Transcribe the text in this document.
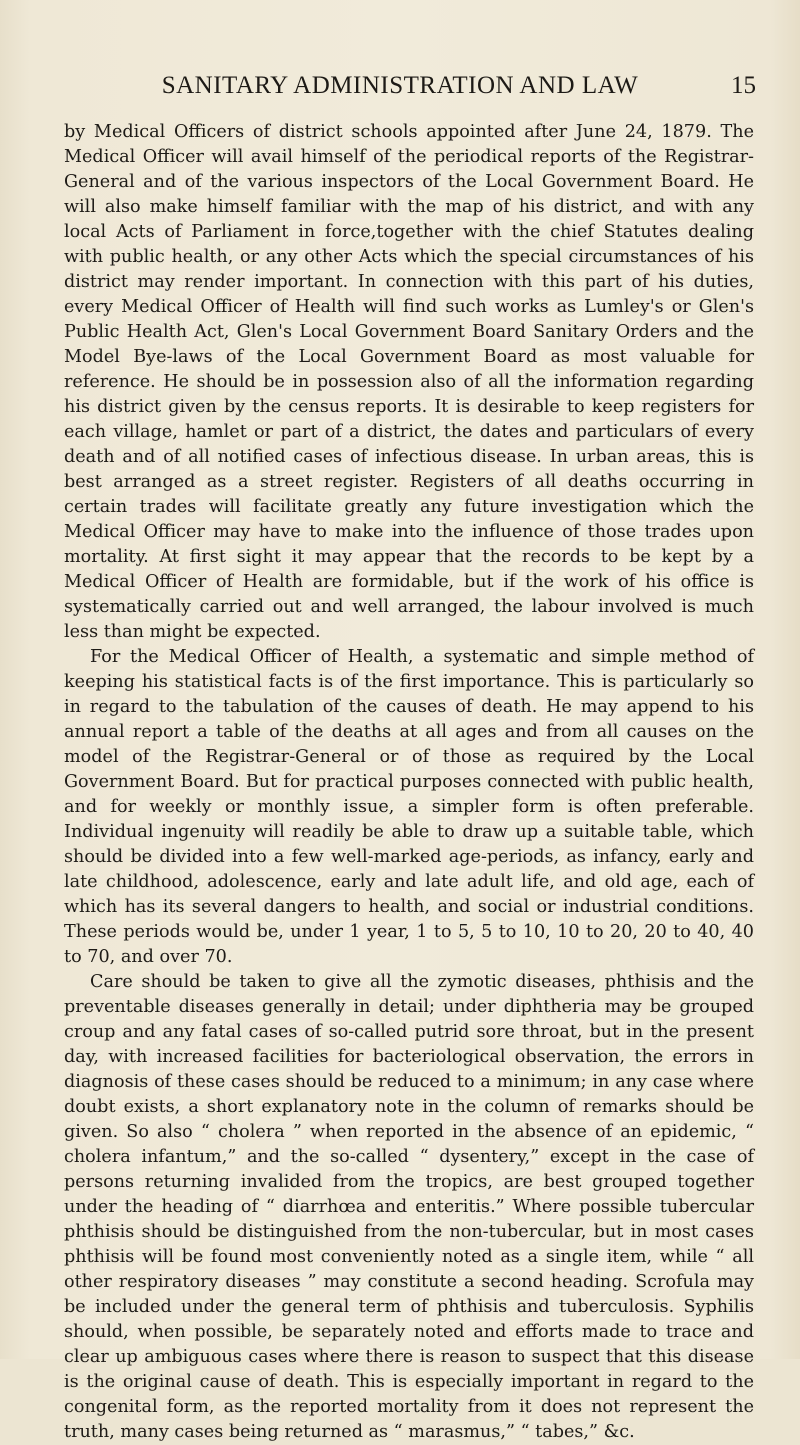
SANITARY ADMINISTRATION AND LAW	15

by Medical Officers of district schools appointed after June 24, 1879. The Medical Officer will avail himself of the periodical reports of the Registrar-General and of the various inspectors of the Local Government Board. He will also make himself familiar with the map of his district, and with any local Acts of Parliament in force,together with the chief Statutes dealing with public health, or any other Acts which the special circumstances of his district may render important. In connection with this part of his duties, every Medical Officer of Health will find such works as Lumley's or Glen's Public Health Act, Glen's Local Government Board Sanitary Orders and the Model Bye-laws of the Local Government Board as most valuable for reference. He should be in possession also of all the information regarding his district given by the census reports. It is desirable to keep registers for each village, hamlet or part of a district, the dates and particulars of every death and of all notified cases of infectious disease. In urban areas, this is best arranged as a street register. Registers of all deaths occurring in certain trades will facilitate greatly any future investigation which the Medical Officer may have to make into the influence of those trades upon mortality. At first sight it may appear that the records to be kept by a Medical Officer of Health are formidable, but if the work of his office is systematically carried out and well arranged, the labour involved is much less than might be expected.

For the Medical Officer of Health, a systematic and simple method of keeping his statistical facts is of the first importance. This is particularly so in regard to the tabulation of the causes of death. He may append to his annual report a table of the deaths at all ages and from all causes on the model of the Registrar-General or of those as required by the Local Government Board. But for practical purposes connected with public health, and for weekly or monthly issue, a simpler form is often preferable. Individual ingenuity will readily be able to draw up a suitable table, which should be divided into a few well-marked age-periods, as infancy, early and late childhood, adolescence, early and late adult life, and old age, each of which has its several dangers to health, and social or industrial conditions. These periods would be, under 1 year, 1 to 5, 5 to 10, 10 to 20, 20 to 40, 40 to 70, and over 70.

Care should be taken to give all the zymotic diseases, phthisis and the preventable diseases generally in detail; under diphtheria may be grouped croup and any fatal cases of so-called putrid sore throat, but in the present day, with increased facilities for bacteriological observation, the errors in diagnosis of these cases should be reduced to a minimum; in any case where doubt exists, a short explanatory note in the column of remarks should be given. So also “ cholera ” when reported in the absence of an epidemic, “ cholera infantum,” and the so-called “ dysentery,” except in the case of persons returning invalided from the tropics, are best grouped together under the heading of “ diarrhœa and enteritis.” Where possible tubercular phthisis should be distinguished from the non-tubercular, but in most cases phthisis will be found most conveniently noted as a single item, while “ all other respiratory diseases ” may constitute a second heading. Scrofula may be included under the general term of phthisis and tuberculosis. Syphilis should, when possible, be separately noted and efforts made to trace and clear up ambiguous cases where there is reason to suspect that this disease is the original cause of death. This is especially important in regard to the congenital form, as the reported mortality from it does not represent the truth, many cases being returned as “ marasmus,” “ tabes,” &c.
